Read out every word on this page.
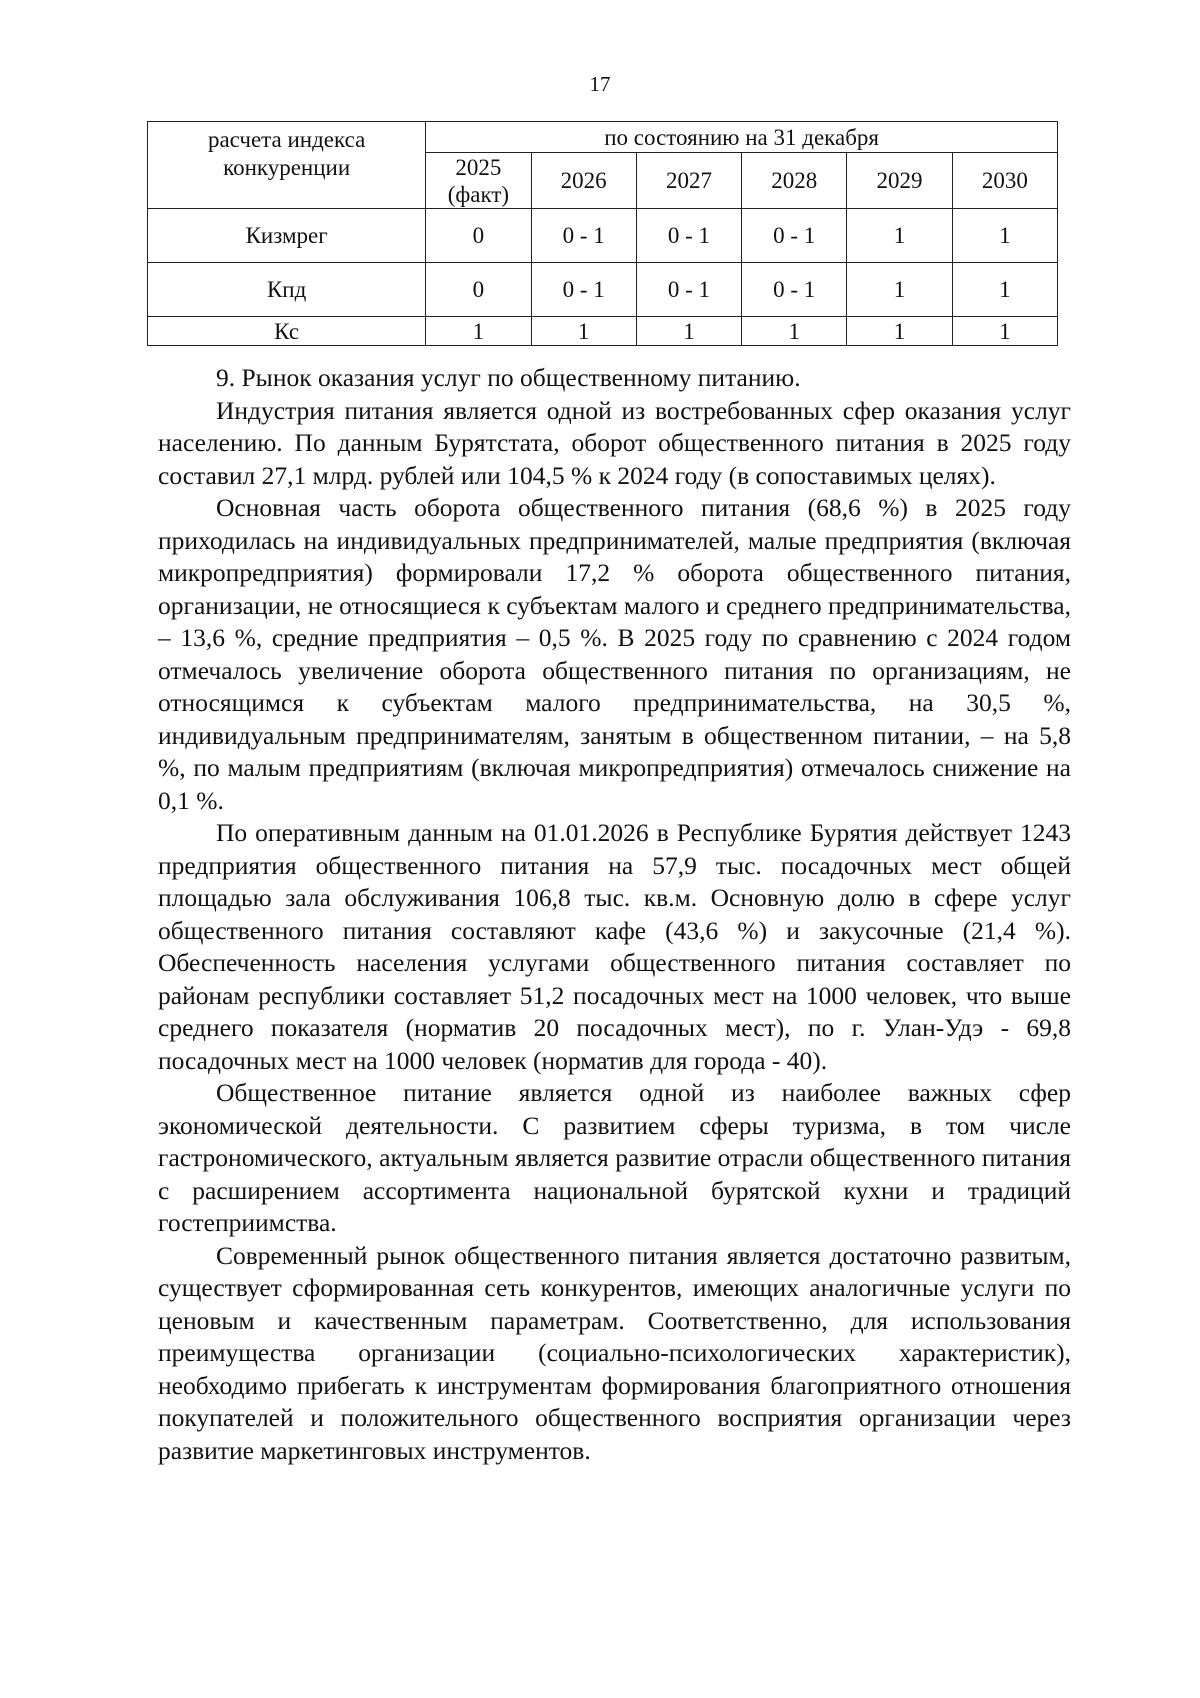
17
расчета индекса конкуренции	по состоянию на 31 декабря					
	2025 (факт)	2026	2027	2028	2029	2030
Кизмрег	0	0 - 1	0 - 1	0 - 1	1	1
Кпд	0	0 - 1	0 - 1	0 - 1	1	1
Кс	1	1	1	1	1	1

9. Рынок оказания услуг по общественному питанию.

Индустрия питания является одной из востребованных сфер оказания услуг населению. По данным Бурятстата, оборот общественного питания в 2025 году составил 27,1 млрд. рублей или 104,5 % к 2024 году (в сопоставимых целях).

Основная часть оборота общественного питания (68,6 %) в 2025 году приходилась на индивидуальных предпринимателей, малые предприятия (включая микропредприятия) формировали 17,2 % оборота общественного питания, организации, не относящиеся к субъектам малого и среднего предпринимательства, – 13,6 %, средние предприятия – 0,5 %. В 2025 году по сравнению с 2024 годом отмечалось увеличение оборота общественного питания по организациям, не относящимся к субъектам малого предпринимательства, на 30,5 %, индивидуальным предпринимателям, занятым в общественном питании, – на 5,8 %, по малым предприятиям (включая микропредприятия) отмечалось снижение на 0,1 %.

По оперативным данным на 01.01.2026 в Республике Бурятия действует 1243 предприятия общественного питания на 57,9 тыс. посадочных мест общей площадью зала обслуживания 106,8 тыс. кв.м. Основную долю в сфере услуг общественного питания составляют кафе (43,6 %) и закусочные (21,4 %). Обеспеченность населения услугами общественного питания составляет по районам республики составляет 51,2 посадочных мест на 1000 человек, что выше среднего показателя (норматив 20 посадочных мест), по г. Улан-Удэ - 69,8 посадочных мест на 1000 человек (норматив для города - 40).

Общественное питание является одной из наиболее важных сфер экономической деятельности. С развитием сферы туризма, в том числе гастрономического, актуальным является развитие отрасли общественного питания с расширением ассортимента национальной бурятской кухни и традиций гостеприимства.

Современный рынок общественного питания является достаточно развитым, существует сформированная сеть конкурентов, имеющих аналогичные услуги по ценовым и качественным параметрам. Соответственно, для использования преимущества организации (социально-психологических характеристик), необходимо прибегать к инструментам формирования благоприятного отношения покупателей и положительного общественного восприятия организации через развитие маркетинговых инструментов.
